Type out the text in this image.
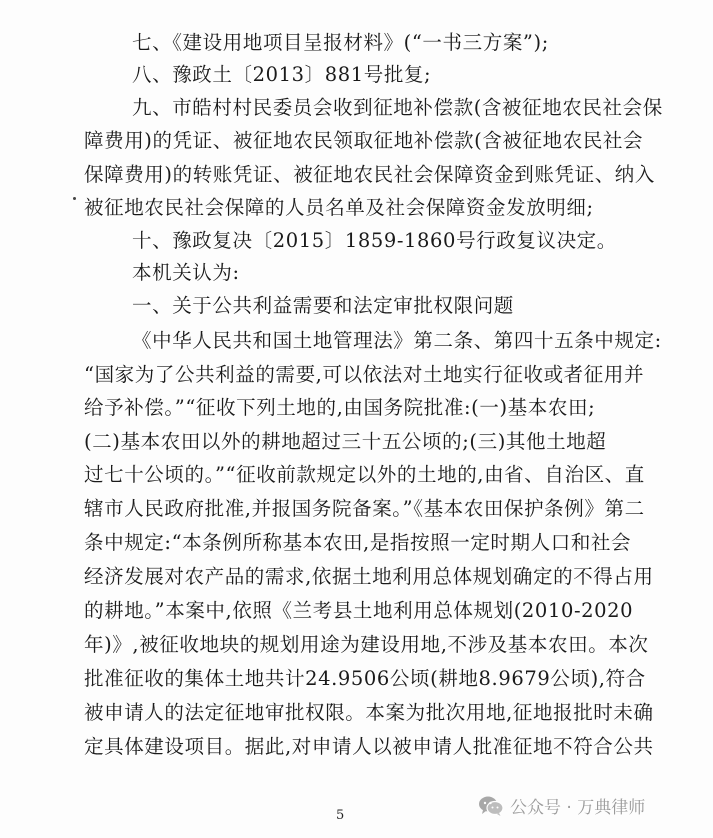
七、《建设用地项目呈报材料》(“一书三方案”);
八、豫政土〔2013〕881号批复;
九、市皓村村民委员会收到征地补偿款(含被征地农民社会保
障费用)的凭证、被征地农民领取征地补偿款(含被征地农民社会
保障费用)的转账凭证、被征地农民社会保障资金到账凭证、纳入
被征地农民社会保障的人员名单及社会保障资金发放明细;
十、豫政复决〔2015〕1859-1860号行政复议决定。
本机关认为:
一、关于公共利益需要和法定审批权限问题
《中华人民共和国土地管理法》第二条、第四十五条中规定:
“国家为了公共利益的需要,可以依法对土地实行征收或者征用并
给予补偿。”“征收下列土地的,由国务院批准:(一)基本农田;
(二)基本农田以外的耕地超过三十五公顷的;(三)其他土地超
过七十公顷的。”“征收前款规定以外的土地的,由省、自治区、直
辖市人民政府批准,并报国务院备案。”《基本农田保护条例》第二
条中规定:“本条例所称基本农田,是指按照一定时期人口和社会
经济发展对农产品的需求,依据土地利用总体规划确定的不得占用
的耕地。”本案中,依照《兰考县土地利用总体规划(2010-2020
年)》,被征收地块的规划用途为建设用地,不涉及基本农田。本次
批准征收的集体土地共计24.9506公顷(耕地8.9679公顷),符合
被申请人的法定征地审批权限。本案为批次用地,征地报批时未确
定具体建设项目。据此,对申请人以被申请人批准征地不符合公共
5	公众号 · 万典律师
